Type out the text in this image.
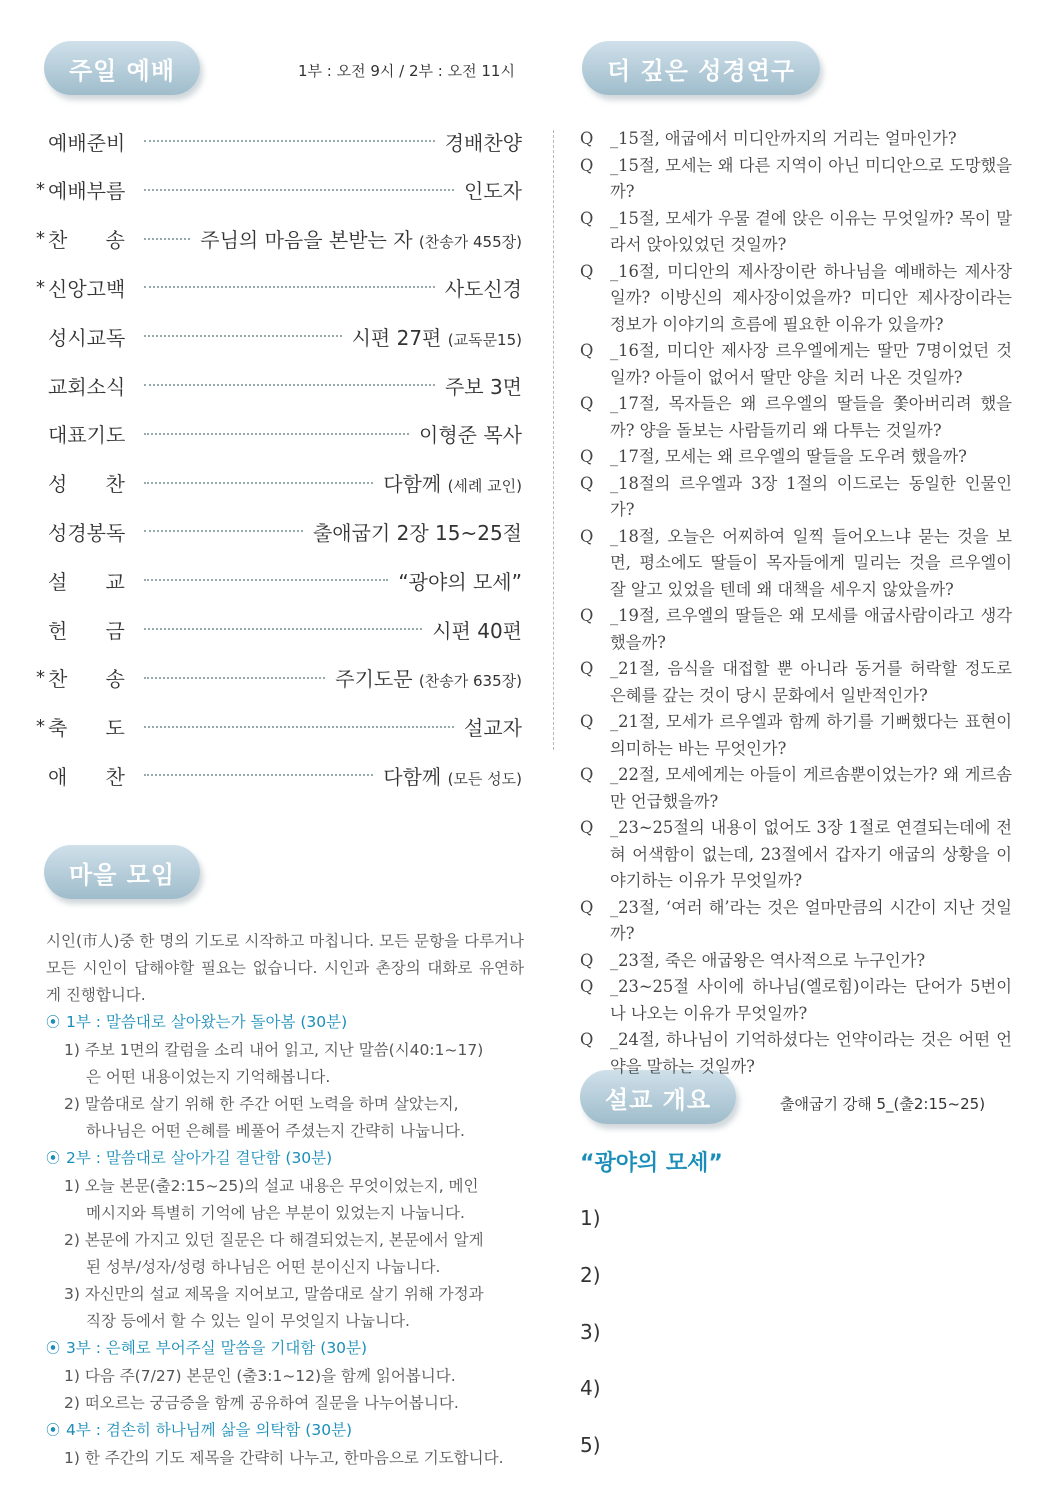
주일 예배	1부 : 오전 9시 / 2부 : 오전 11시	더 깊은 성경연구
마을 모임
설교 개요
예배준비	경배찬양
* 예배부름	인도자
* 찬      송	주님의 마음을 본받는 자 (찬송가 455장)
* 신앙고백	사도신경
성시교독	시편 27편 (교독문15)
교회소식	주보 3면
대표기도	이형준 목사
성      찬	다함께 (세례 교인)
성경봉독	출애굽기 2장 15~25절
설      교	“광야의 모세”
헌      금	시편 40편
* 찬      송	주기도문 (찬송가 635장)
* 축      도	설교자
애      찬	다함께 (모든 성도)
Q	_15절, 애굽에서 미디안까지의 거리는 얼마인가?
Q	_15절, 모세는 왜 다른 지역이 아닌 미디안으로 도망했을까?
Q	_15절, 모세가 우물 곁에 앉은 이유는 무엇일까? 목이 말라서 앉아있었던 것일까?
Q	_16절, 미디안의 제사장이란 하나님을 예배하는 제사장일까? 이방신의 제사장이었을까? 미디안 제사장이라는 정보가 이야기의 흐름에 필요한 이유가 있을까?
Q	_16절, 미디안 제사장 르우엘에게는 딸만 7명이었던 것일까? 아들이 없어서 딸만 양을 치러 나온 것일까?
Q	_17절, 목자들은 왜 르우엘의 딸들을 쫓아버리려 했을까? 양을 돌보는 사람들끼리 왜 다투는 것일까?
Q	_17절, 모세는 왜 르우엘의 딸들을 도우려 했을까?
Q	_18절의 르우엘과 3장 1절의 이드로는 동일한 인물인가?
Q	_18절, 오늘은 어찌하여 일찍 들어오느냐 묻는 것을 보면, 평소에도 딸들이 목자들에게 밀리는 것을 르우엘이 잘 알고 있었을 텐데 왜 대책을 세우지 않았을까?
Q	_19절, 르우엘의 딸들은 왜 모세를 애굽사람이라고 생각했을까?
Q	_21절, 음식을 대접할 뿐 아니라 동거를 허락할 정도로 은혜를 갚는 것이 당시 문화에서 일반적인가?
Q	_21절, 모세가 르우엘과 함께 하기를 기뻐했다는 표현이 의미하는 바는 무엇인가?
Q	_22절, 모세에게는 아들이 게르솜뿐이었는가? 왜 게르솜만 언급했을까?
Q	_23~25절의 내용이 없어도 3장 1절로 연결되는데에 전혀 어색함이 없는데, 23절에서 갑자기 애굽의 상황을 이야기하는 이유가 무엇일까?
Q	_23절, ‘여러 해’라는 것은 얼마만큼의 시간이 지난 것일까?
Q	_23절, 죽은 애굽왕은 역사적으로 누구인가?
Q	_23~25절 사이에 하나님(엘로힘)이라는 단어가 5번이나 나오는 이유가 무엇일까?
Q	_24절, 하나님이 기억하셨다는 언약이라는 것은 어떤 언약을 말하는 것일까?
시인(市人)중 한 명의 기도로 시작하고 마칩니다. 모든 문항을 다루거나 모든 시인이 답해야할 필요는 없습니다. 시인과 촌장의 대화로 유연하게 진행합니다.
⦿ 1부 : 말씀대로 살아왔는가 돌아봄 (30분)
1) 주보 1면의 칼럼을 소리 내어 읽고, 지난 말씀(시40:1~17)
은 어떤 내용이었는지 기억해봅니다.
2) 말씀대로 살기 위해 한 주간 어떤 노력을 하며 살았는지,
하나님은 어떤 은혜를 베풀어 주셨는지 간략히 나눕니다.
⦿ 2부 : 말씀대로 살아가길 결단함 (30분)
1) 오늘 본문(출2:15~25)의 설교 내용은 무엇이었는지, 메인
메시지와 특별히 기억에 남은 부분이 있었는지 나눕니다.
2) 본문에 가지고 있던 질문은 다 해결되었는지, 본문에서 알게
된 성부/성자/성령 하나님은 어떤 분이신지 나눕니다.
3) 자신만의 설교 제목을 지어보고, 말씀대로 살기 위해 가정과
직장 등에서 할 수 있는 일이 무엇일지 나눕니다.
⦿ 3부 : 은혜로 부어주실 말씀을 기대함 (30분)
1) 다음 주(7/27) 본문인 (출3:1~12)을 함께 읽어봅니다.
2) 떠오르는 궁금증을 함께 공유하여 질문을 나누어봅니다.
⦿ 4부 : 겸손히 하나님께 삶을 의탁함 (30분)
1) 한 주간의 기도 제목을 간략히 나누고, 한마음으로 기도합니다.
출애굽기 강해 5_(출2:15~25)
“광야의 모세”
1)
2)
3)
4)
5)
